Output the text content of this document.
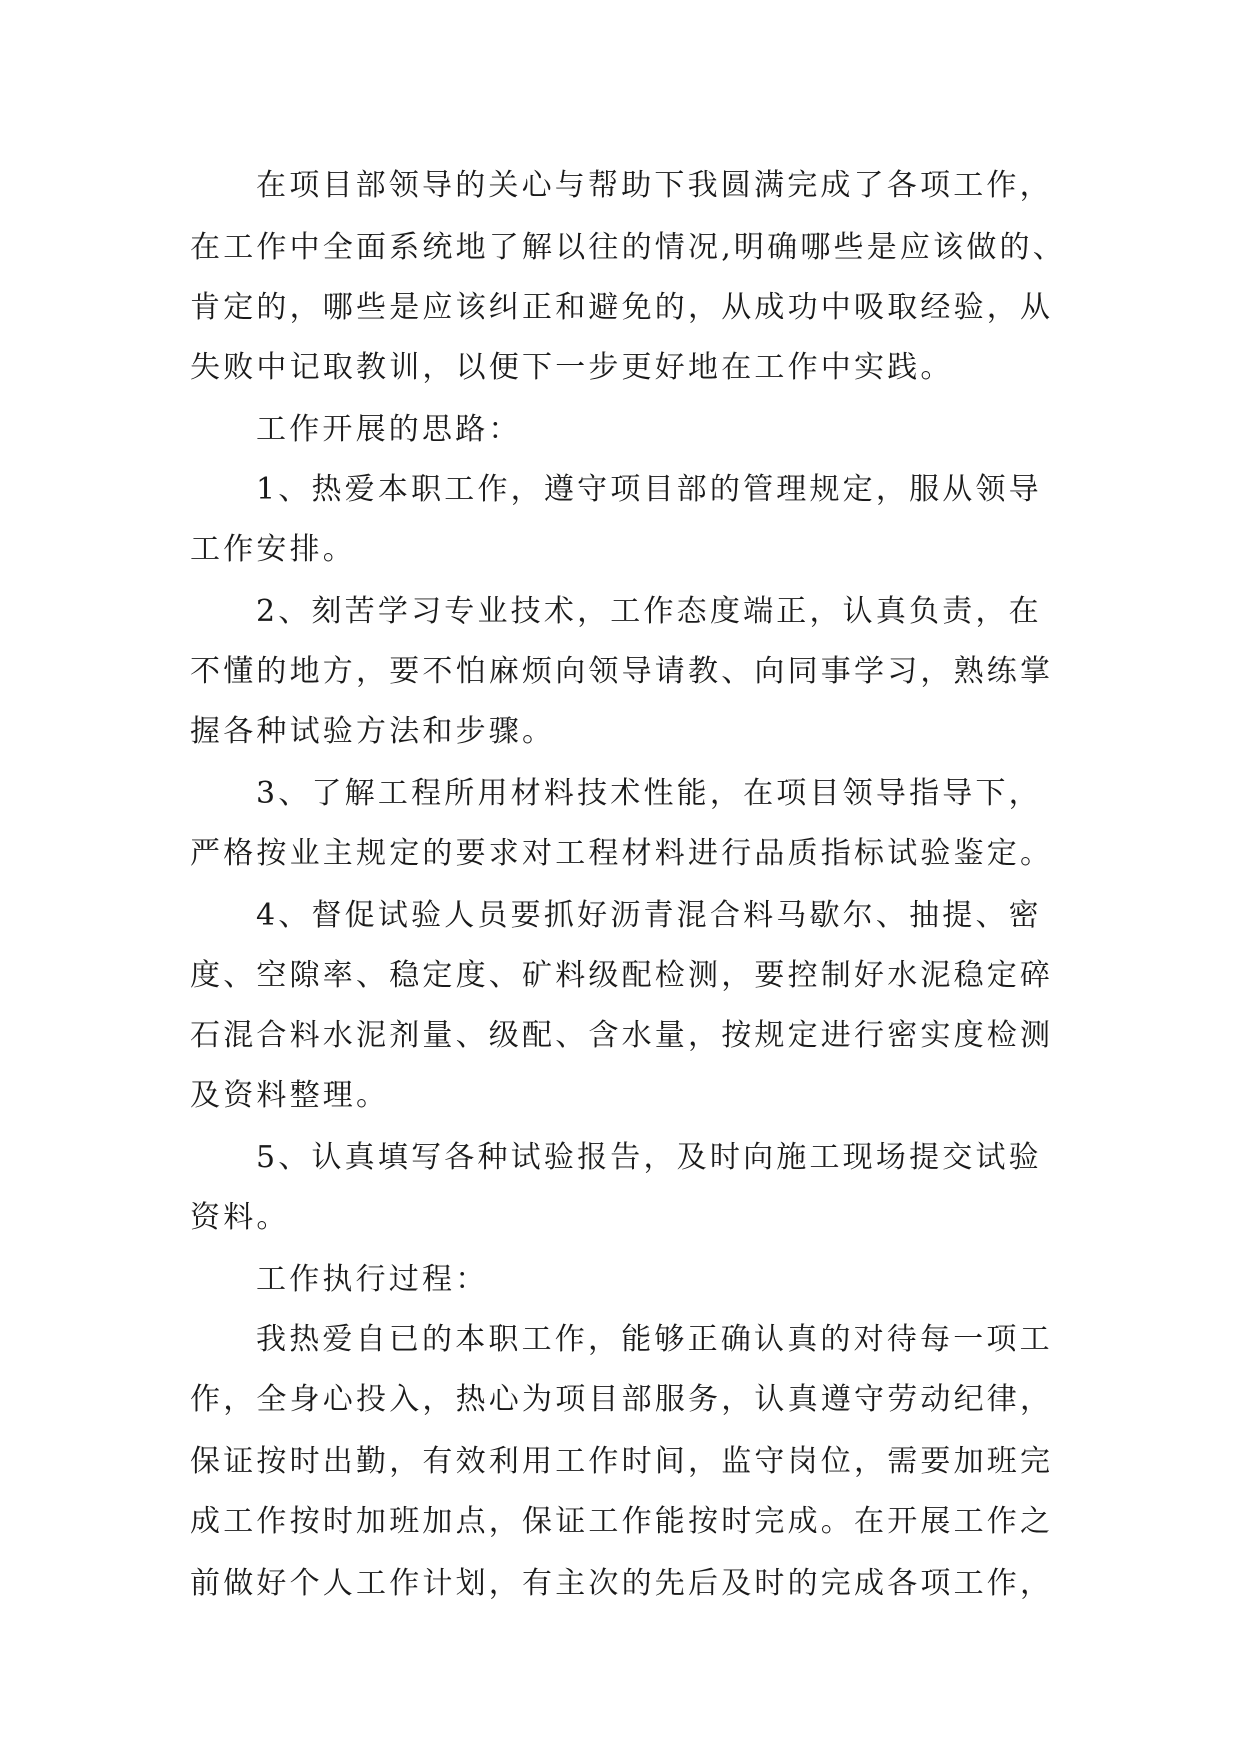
在项目部领导的关心与帮助下我圆满完成了各项工作，

在工作中全面系统地了解以往的情况,明确哪些是应该做的、

肯定的，哪些是应该纠正和避免的，从成功中吸取经验，从

失败中记取教训，以便下一步更好地在工作中实践。

工作开展的思路：

1、热爱本职工作，遵守项目部的管理规定，服从领导

工作安排。

2、刻苦学习专业技术，工作态度端正，认真负责，在

不懂的地方，要不怕麻烦向领导请教、向同事学习，熟练掌

握各种试验方法和步骤。

3、了解工程所用材料技术性能，在项目领导指导下，

严格按业主规定的要求对工程材料进行品质指标试验鉴定。

4、督促试验人员要抓好沥青混合料马歇尔、抽提、密

度、空隙率、稳定度、矿料级配检测，要控制好水泥稳定碎

石混合料水泥剂量、级配、含水量，按规定进行密实度检测

及资料整理。

5、认真填写各种试验报告，及时向施工现场提交试验

资料。

工作执行过程：

我热爱自已的本职工作，能够正确认真的对待每一项工

作，全身心投入，热心为项目部服务，认真遵守劳动纪律，

保证按时出勤，有效利用工作时间，监守岗位，需要加班完

成工作按时加班加点，保证工作能按时完成。在开展工作之

前做好个人工作计划，有主次的先后及时的完成各项工作，
